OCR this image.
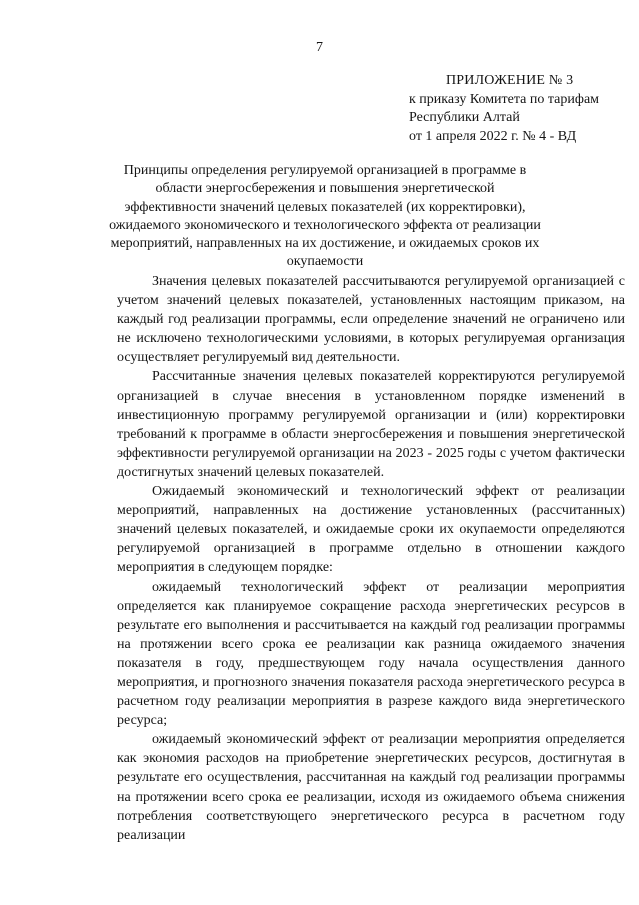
7
ПРИЛОЖЕНИЕ № 3
к приказу Комитета по тарифам
Республики Алтай
от 1 апреля 2022 г. № 4 - ВД
Принципы определения регулируемой организацией в программе в области энергосбережения и повышения энергетической эффективности значений целевых показателей (их корректировки), ожидаемого экономического и технологического эффекта от реализации мероприятий, направленных на их достижение, и ожидаемых сроков их окупаемости

Значения целевых показателей рассчитываются регулируемой организацией с учетом значений целевых показателей, установленных настоящим приказом, на каждый год реализации программы, если определение значений не ограничено или не исключено технологическими условиями, в которых регулируемая организация осуществляет регулируемый вид деятельности.

Рассчитанные значения целевых показателей корректируются регулируемой организацией в случае внесения в установленном порядке изменений в инвестиционную программу регулируемой организации и (или) корректировки требований к программе в области энергосбережения и повышения энергетической эффективности регулируемой организации на 2023 - 2025 годы с учетом фактически достигнутых значений целевых показателей.

Ожидаемый экономический и технологический эффект от реализации мероприятий, направленных на достижение установленных (рассчитанных) значений целевых показателей, и ожидаемые сроки их окупаемости определяются регулируемой организацией в программе отдельно в отношении каждого мероприятия в следующем порядке:

ожидаемый технологический эффект от реализации мероприятия определяется как планируемое сокращение расхода энергетических ресурсов в результате его выполнения и рассчитывается на каждый год реализации программы на протяжении всего срока ее реализации как разница ожидаемого значения показателя в году, предшествующем году начала осуществления данного мероприятия, и прогнозного значения показателя расхода энергетического ресурса в расчетном году реализации мероприятия в разрезе каждого вида энергетического ресурса;

ожидаемый экономический эффект от реализации мероприятия определяется как экономия расходов на приобретение энергетических ресурсов, достигнутая в результате его осуществления, рассчитанная на каждый год реализации программы на протяжении всего срока ее реализации, исходя из ожидаемого объема снижения потребления соответствующего энергетического ресурса в расчетном году реализации
